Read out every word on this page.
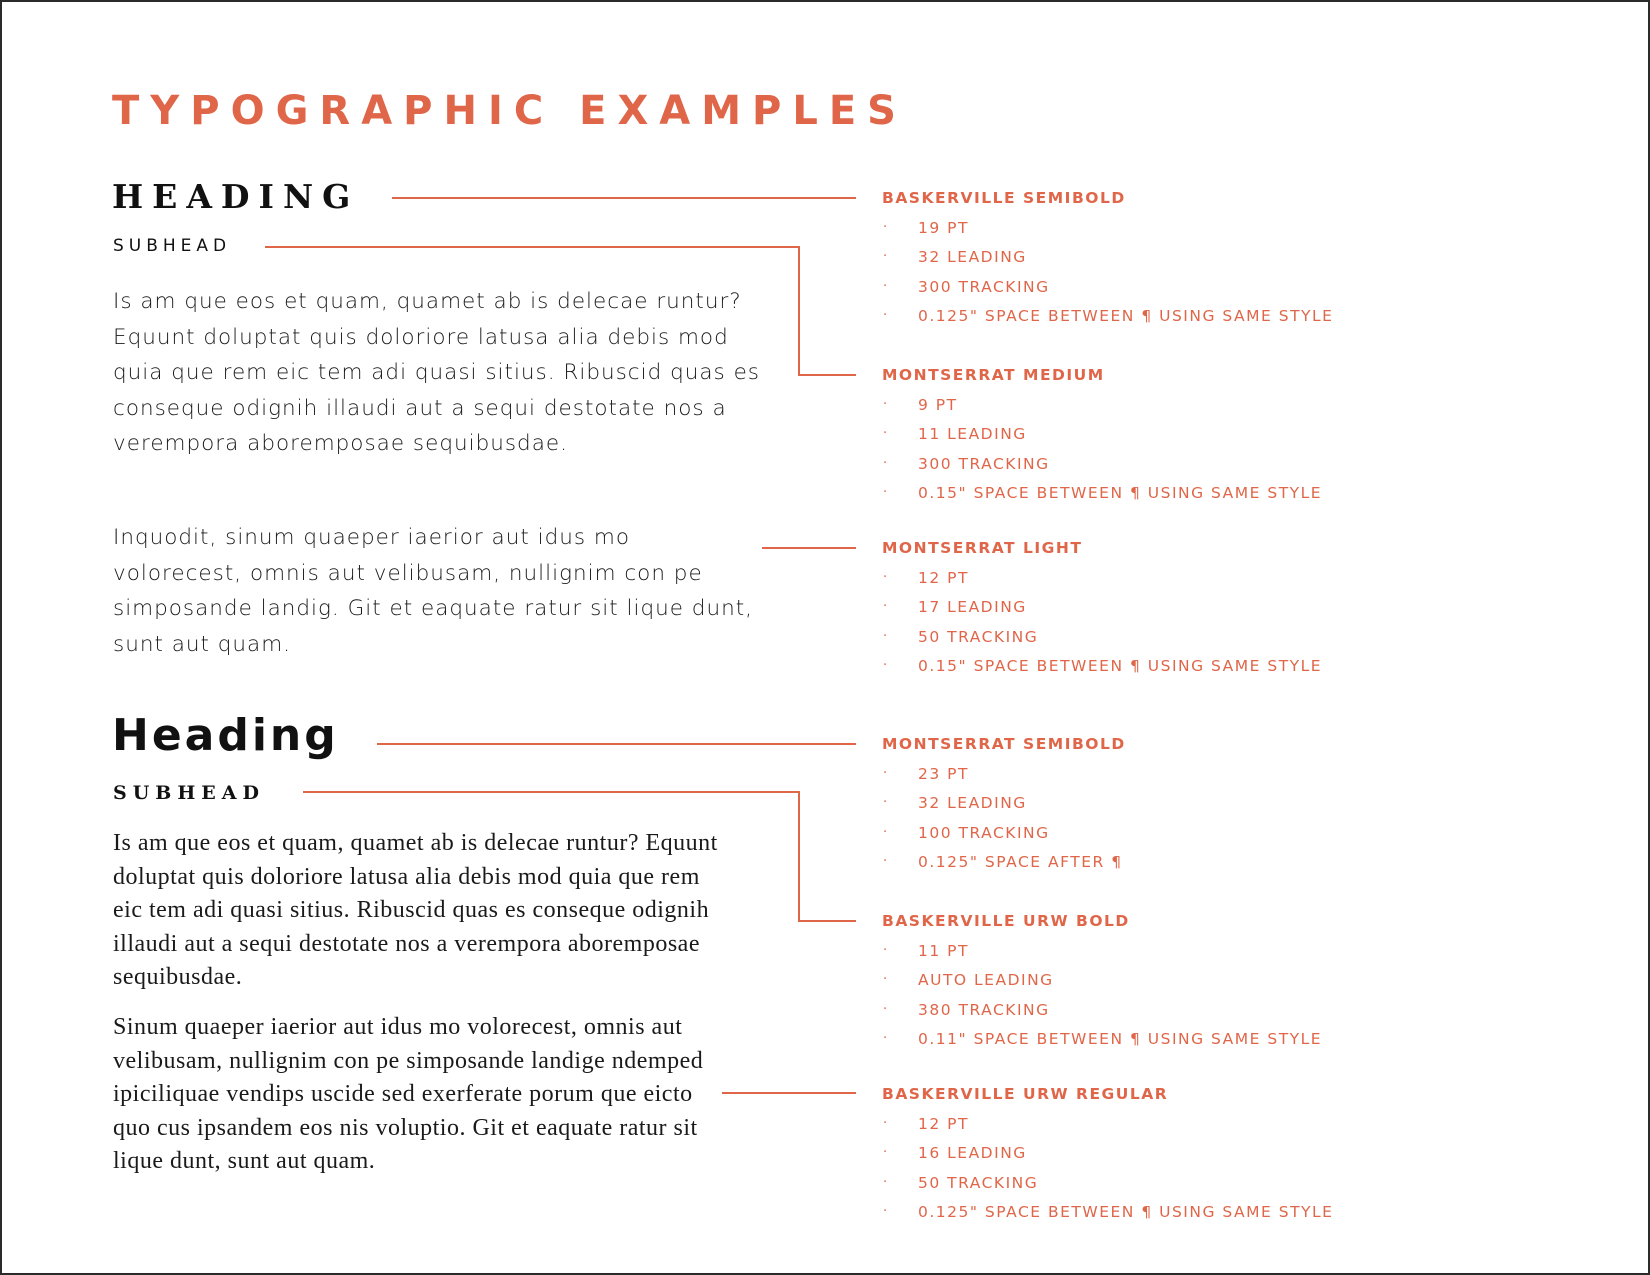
TYPOGRAPHIC EXAMPLES
HEADING
SUBHEAD

Is am que eos et quam, quamet ab is delecae runtur? Equunt doluptat quis doloriore latusa alia debis mod quia que rem eic tem adi quasi sitius. Ribuscid quas es conseque odignih illaudi aut a sequi destotate nos a verempora aboremposae sequibusdae.

Inquodit, sinum quaeper iaerior aut idus mo volorecest, omnis aut velibusam, nullignim con pe simposande landig. Git et eaquate ratur sit lique dunt, sunt aut quam.

Heading
SUBHEAD

Is am que eos et quam, quamet ab is delecae runtur? Equunt doluptat quis doloriore latusa alia debis mod quia que rem eic tem adi quasi sitius. Ribuscid quas es conseque odignih illaudi aut a sequi destotate nos a verempora aboremposae sequibusdae.

Sinum quaeper iaerior aut idus mo volorecest, omnis aut velibusam, nullignim con pe simposande landige ndemped ipiciliquae vendips uscide sed exerferate porum que eicto quo cus ipsandem eos nis voluptio. Git et eaquate ratur sit lique dunt, sunt aut quam.

BASKERVILLE SEMIBOLD
· 19 PT
· 32 LEADING
· 300 TRACKING
· 0.125" SPACE BETWEEN ¶ USING SAME STYLE
MONTSERRAT MEDIUM
· 9 PT
· 11 LEADING
· 300 TRACKING
· 0.15" SPACE BETWEEN ¶ USING SAME STYLE
MONTSERRAT LIGHT
· 12 PT
· 17 LEADING
· 50 TRACKING
· 0.15" SPACE BETWEEN ¶ USING SAME STYLE
MONTSERRAT SEMIBOLD
· 23 PT
· 32 LEADING
· 100 TRACKING
· 0.125" SPACE AFTER ¶
BASKERVILLE URW BOLD
· 11 PT
· AUTO LEADING
· 380 TRACKING
· 0.11" SPACE BETWEEN ¶ USING SAME STYLE
BASKERVILLE URW REGULAR
· 12 PT
· 16 LEADING
· 50 TRACKING
· 0.125" SPACE BETWEEN ¶ USING SAME STYLE
